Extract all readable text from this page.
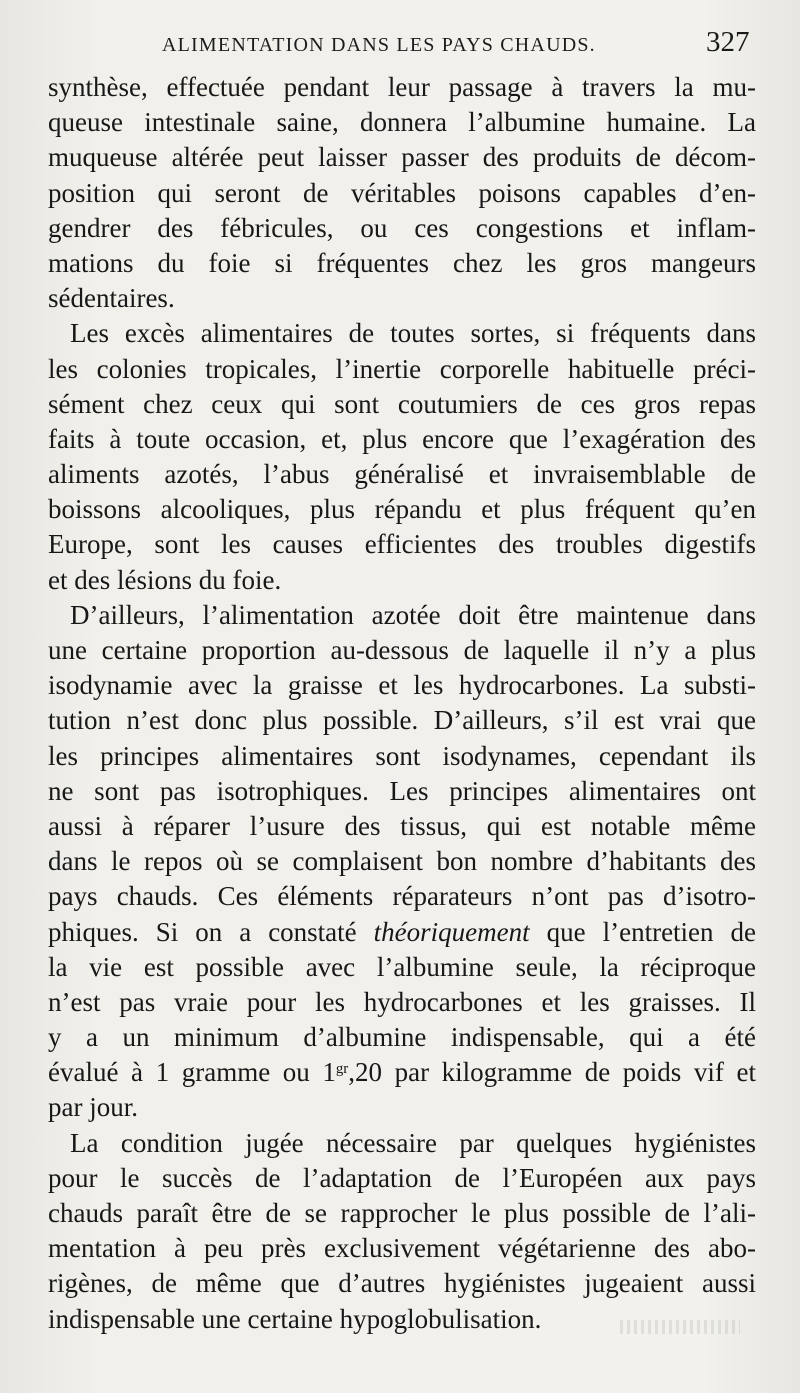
ALIMENTATION DANS LES PAYS CHAUDS.	327
synthèse, effectuée pendant leur passage à travers la mu-
queuse intestinale saine, donnera l’albumine humaine. La
muqueuse altérée peut laisser passer des produits de décom-
position qui seront de véritables poisons capables d’en-
gendrer des fébricules, ou ces congestions et inflam-
mations du foie si fréquentes chez les gros mangeurs
sédentaires.
Les excès alimentaires de toutes sortes, si fréquents dans
les colonies tropicales, l’inertie corporelle habituelle préci-
sément chez ceux qui sont coutumiers de ces gros repas
faits à toute occasion, et, plus encore que l’exagération des
aliments azotés, l’abus généralisé et invraisemblable de
boissons alcooliques, plus répandu et plus fréquent qu’en
Europe, sont les causes efficientes des troubles digestifs
et des lésions du foie.
D’ailleurs, l’alimentation azotée doit être maintenue dans
une certaine proportion au-dessous de laquelle il n’y a plus
isodynamie avec la graisse et les hydrocarbones. La substi-
tution n’est donc plus possible. D’ailleurs, s’il est vrai que
les principes alimentaires sont isodynames, cependant ils
ne sont pas isotrophiques. Les principes alimentaires ont
aussi à réparer l’usure des tissus, qui est notable même
dans le repos où se complaisent bon nombre d’habitants des
pays chauds. Ces éléments réparateurs n’ont pas d’isotro-
phiques. Si on a constaté théoriquement que l’entretien de
la vie est possible avec l’albumine seule, la réciproque
n’est pas vraie pour les hydrocarbones et les graisses. Il
y a un minimum d’albumine indispensable, qui a été
évalué à 1 gramme ou $1^{gr},20$ par kilogramme de poids vif et
par jour.
La condition jugée nécessaire par quelques hygiénistes
pour le succès de l’adaptation de l’Européen aux pays
chauds paraît être de se rapprocher le plus possible de l’ali-
mentation à peu près exclusivement végétarienne des abo-
rigènes, de même que d’autres hygiénistes jugeaient aussi
indispensable une certaine hypoglobulisation.
